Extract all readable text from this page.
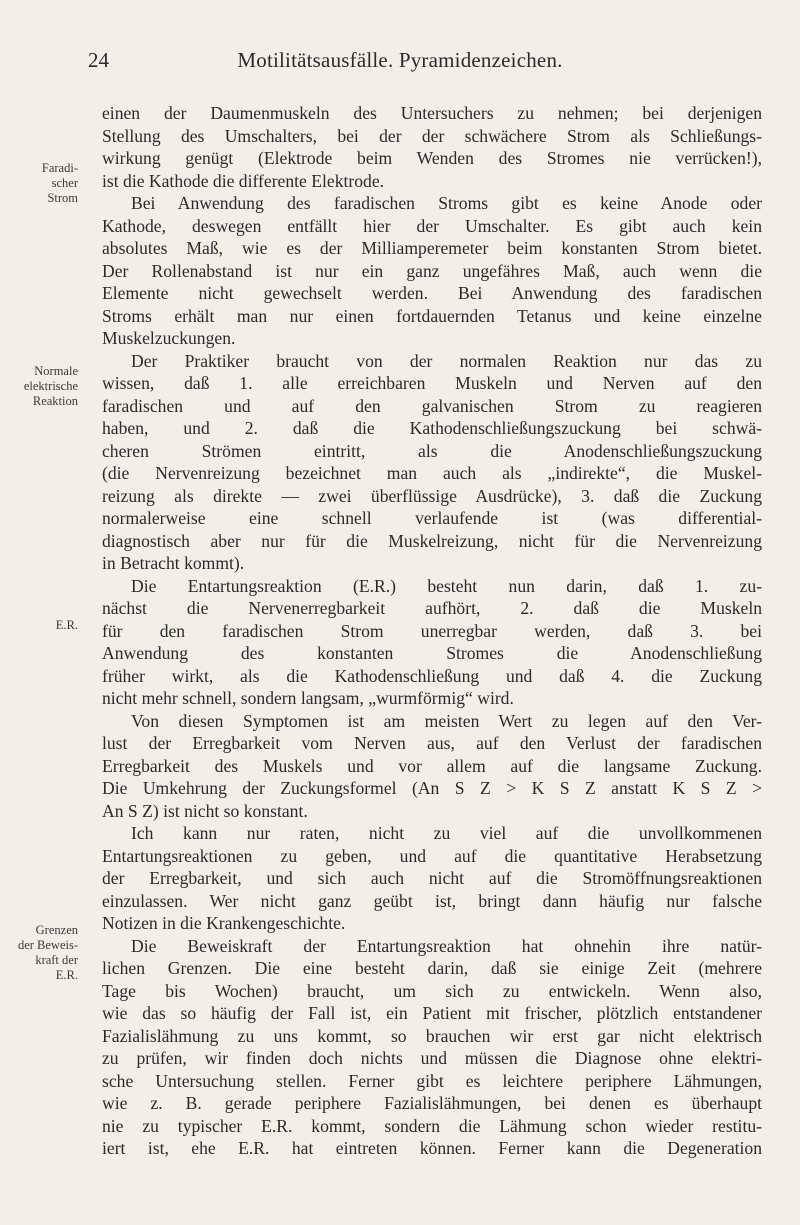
24	Motilitätsausfälle. Pyramidenzeichen.
Faradi-
scher
Strom
Normale
elektrische
Reaktion
E.R.
Grenzen
der Beweis-
kraft der
E.R.
einen der Daumenmuskeln des Untersuchers zu nehmen; bei derjenigen
Stellung des Umschalters, bei der der schwächere Strom als Schließungs-
wirkung genügt (Elektrode beim Wenden des Stromes nie verrücken!),
ist die Kathode die differente Elektrode.
Bei Anwendung des faradischen Stroms gibt es keine Anode oder
Kathode, deswegen entfällt hier der Umschalter. Es gibt auch kein
absolutes Maß, wie es der Milliamperemeter beim konstanten Strom bietet.
Der Rollenabstand ist nur ein ganz ungefähres Maß, auch wenn die
Elemente nicht gewechselt werden. Bei Anwendung des faradischen
Stroms erhält man nur einen fortdauernden Tetanus und keine einzelne
Muskelzuckungen.
Der Praktiker braucht von der normalen Reaktion nur das zu
wissen, daß 1. alle erreichbaren Muskeln und Nerven auf den
faradischen und auf den galvanischen Strom zu reagieren
haben, und 2. daß die Kathodenschließungszuckung bei schwä-
cheren Strömen eintritt, als die Anodenschließungszuckung
(die Nervenreizung bezeichnet man auch als „indirekte“, die Muskel-
reizung als direkte — zwei überflüssige Ausdrücke), 3. daß die Zuckung
normalerweise eine schnell verlaufende ist (was differential-
diagnostisch aber nur für die Muskelreizung, nicht für die Nervenreizung
in Betracht kommt).
Die Entartungsreaktion (E.R.) besteht nun darin, daß 1. zu-
nächst die Nervenerregbarkeit aufhört, 2. daß die Muskeln
für den faradischen Strom unerregbar werden, daß 3. bei
Anwendung des konstanten Stromes die Anodenschließung
früher wirkt, als die Kathodenschließung und daß 4. die Zuckung
nicht mehr schnell, sondern langsam, „wurmförmig“ wird.
Von diesen Symptomen ist am meisten Wert zu legen auf den Ver-
lust der Erregbarkeit vom Nerven aus, auf den Verlust der faradischen
Erregbarkeit des Muskels und vor allem auf die langsame Zuckung.
Die Umkehrung der Zuckungsformel (An S Z > K S Z anstatt K S Z >
An S Z) ist nicht so konstant.
Ich kann nur raten, nicht zu viel auf die unvollkommenen
Entartungsreaktionen zu geben, und auf die quantitative Herabsetzung
der Erregbarkeit, und sich auch nicht auf die Stromöffnungsreaktionen
einzulassen. Wer nicht ganz geübt ist, bringt dann häufig nur falsche
Notizen in die Krankengeschichte.
Die Beweiskraft der Entartungsreaktion hat ohnehin ihre natür-
lichen Grenzen. Die eine besteht darin, daß sie einige Zeit (mehrere
Tage bis Wochen) braucht, um sich zu entwickeln. Wenn also,
wie das so häufig der Fall ist, ein Patient mit frischer, plötzlich entstandener
Fazialislähmung zu uns kommt, so brauchen wir erst gar nicht elektrisch
zu prüfen, wir finden doch nichts und müssen die Diagnose ohne elektri-
sche Untersuchung stellen. Ferner gibt es leichtere periphere Lähmungen,
wie z. B. gerade periphere Fazialislähmungen, bei denen es überhaupt
nie zu typischer E.R. kommt, sondern die Lähmung schon wieder restitu-
iert ist, ehe E.R. hat eintreten können. Ferner kann die Degeneration
